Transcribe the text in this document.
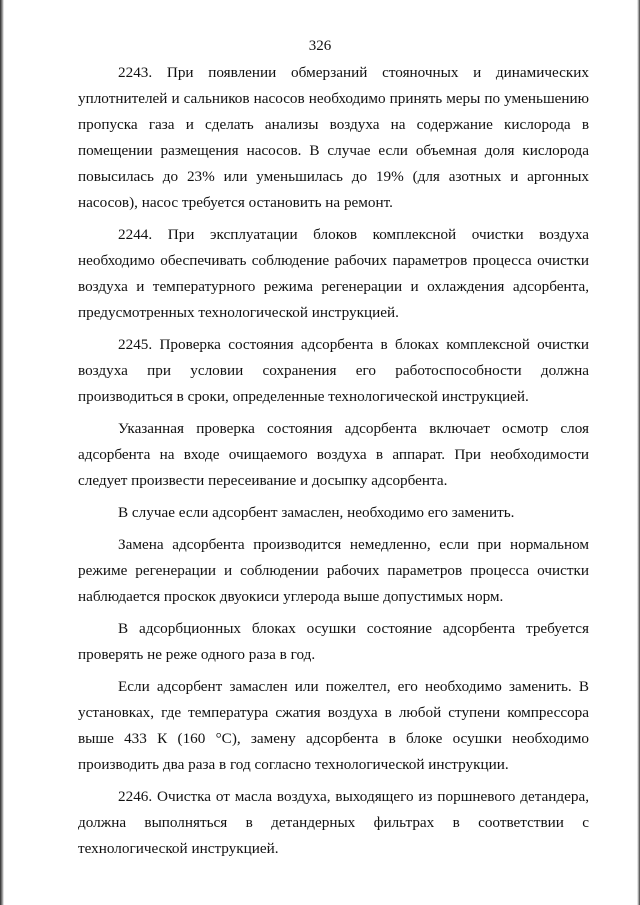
326

2243. При появлении обмерзаний стояночных и динамических уплотнителей и сальников насосов необходимо принять меры по уменьшению пропуска газа и сделать анализы воздуха на содержание кислорода в помещении размещения насосов. В случае если объемная доля кислорода повысилась до 23% или уменьшилась до 19% (для азотных и аргонных насосов), насос требуется остановить на ремонт.

2244. При эксплуатации блоков комплексной очистки воздуха необходимо обеспечивать соблюдение рабочих параметров процесса очистки воздуха и температурного режима регенерации и охлаждения адсорбента, предусмотренных технологической инструкцией.

2245. Проверка состояния адсорбента в блоках комплексной очистки воздуха при условии сохранения его работоспособности должна производиться в сроки, определенные технологической инструкцией.

Указанная проверка состояния адсорбента включает осмотр слоя адсорбента на входе очищаемого воздуха в аппарат. При необходимости следует произвести пересеивание и досыпку адсорбента.

В случае если адсорбент замаслен, необходимо его заменить.

Замена адсорбента производится немедленно, если при нормальном режиме регенерации и соблюдении рабочих параметров процесса очистки наблюдается проскок двуокиси углерода выше допустимых норм.

В адсорбционных блоках осушки состояние адсорбента требуется проверять не реже одного раза в год.

Если адсорбент замаслен или пожелтел, его необходимо заменить. В установках, где температура сжатия воздуха в любой ступени компрессора выше 433 К (160 °С), замену адсорбента в блоке осушки необходимо производить два раза в год согласно технологической инструкции.

2246. Очистка от масла воздуха, выходящего из поршневого детандера, должна выполняться в детандерных фильтрах в соответствии с технологической инструкцией.
